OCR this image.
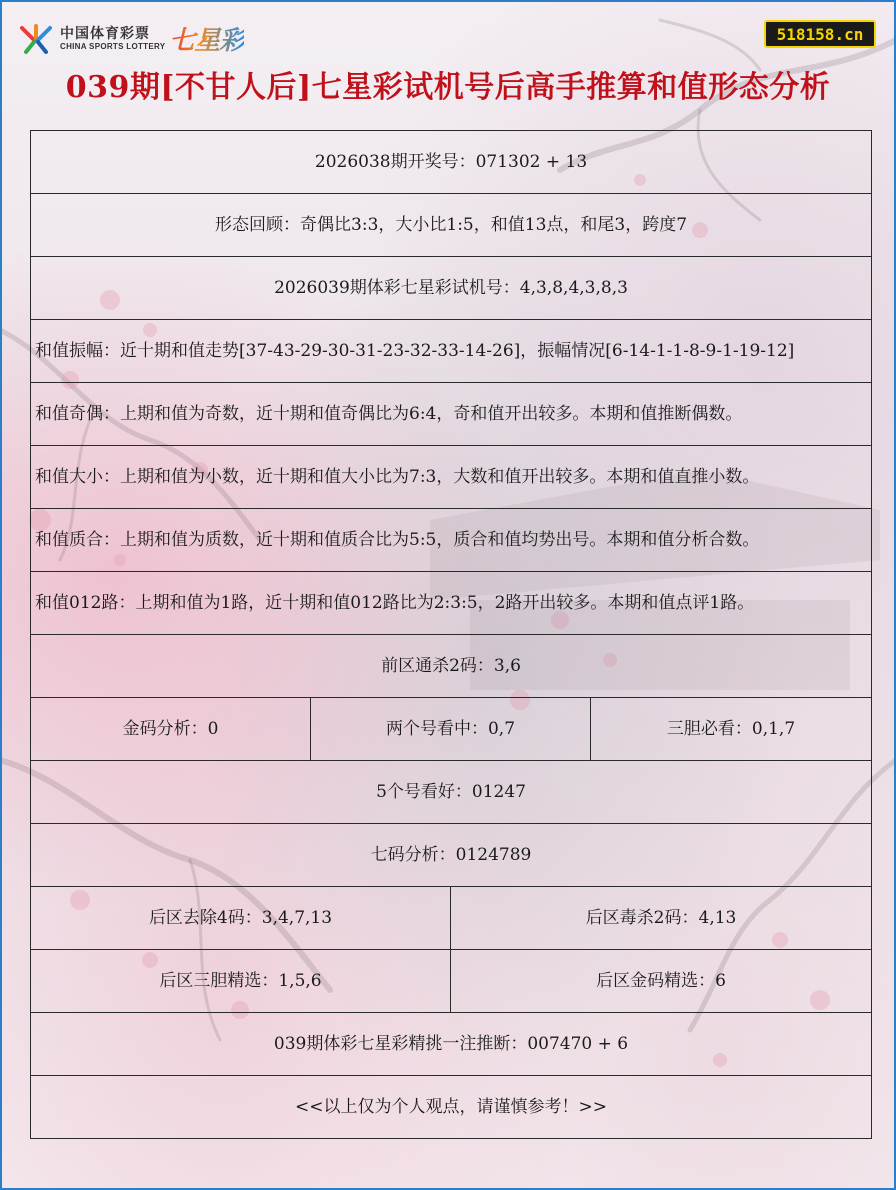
中国体育彩票
CHINA SPORTS LOTTERY 七星彩	518158.cn
039期[不甘人后]七星彩试机号后高手推算和值形态分析
2026038期开奖号：071302 + 13			
形态回顾：奇偶比3:3，大小比1:5，和值13点，和尾3，跨度7			
2026039期体彩七星彩试机号：4,3,8,4,3,8,3			
和值振幅：近十期和值走势[37-43-29-30-31-23-32-33-14-26]，振幅情况[6-14-1-1-8-9-1-19-12]			
和值奇偶：上期和值为奇数，近十期和值奇偶比为6:4，奇和值开出较多。本期和值推断偶数。			
和值大小：上期和值为小数，近十期和值大小比为7:3，大数和值开出较多。本期和值直推小数。			
和值质合：上期和值为质数，近十期和值质合比为5:5，质合和值均势出号。本期和值分析合数。			
和值012路：上期和值为1路，近十期和值012路比为2:3:5，2路开出较多。本期和值点评1路。			
前区通杀2码：3,6			
金码分析：0	两个号看中：0,7		三胆必看：0,1,7
5个号看好：01247			
七码分析：0124789			
后区去除4码：3,4,7,13		后区毒杀2码：4,13	
后区三胆精选：1,5,6		后区金码精选：6	
039期体彩七星彩精挑一注推断：007470 + 6			
<<以上仅为个人观点，请谨慎参考！>>			
